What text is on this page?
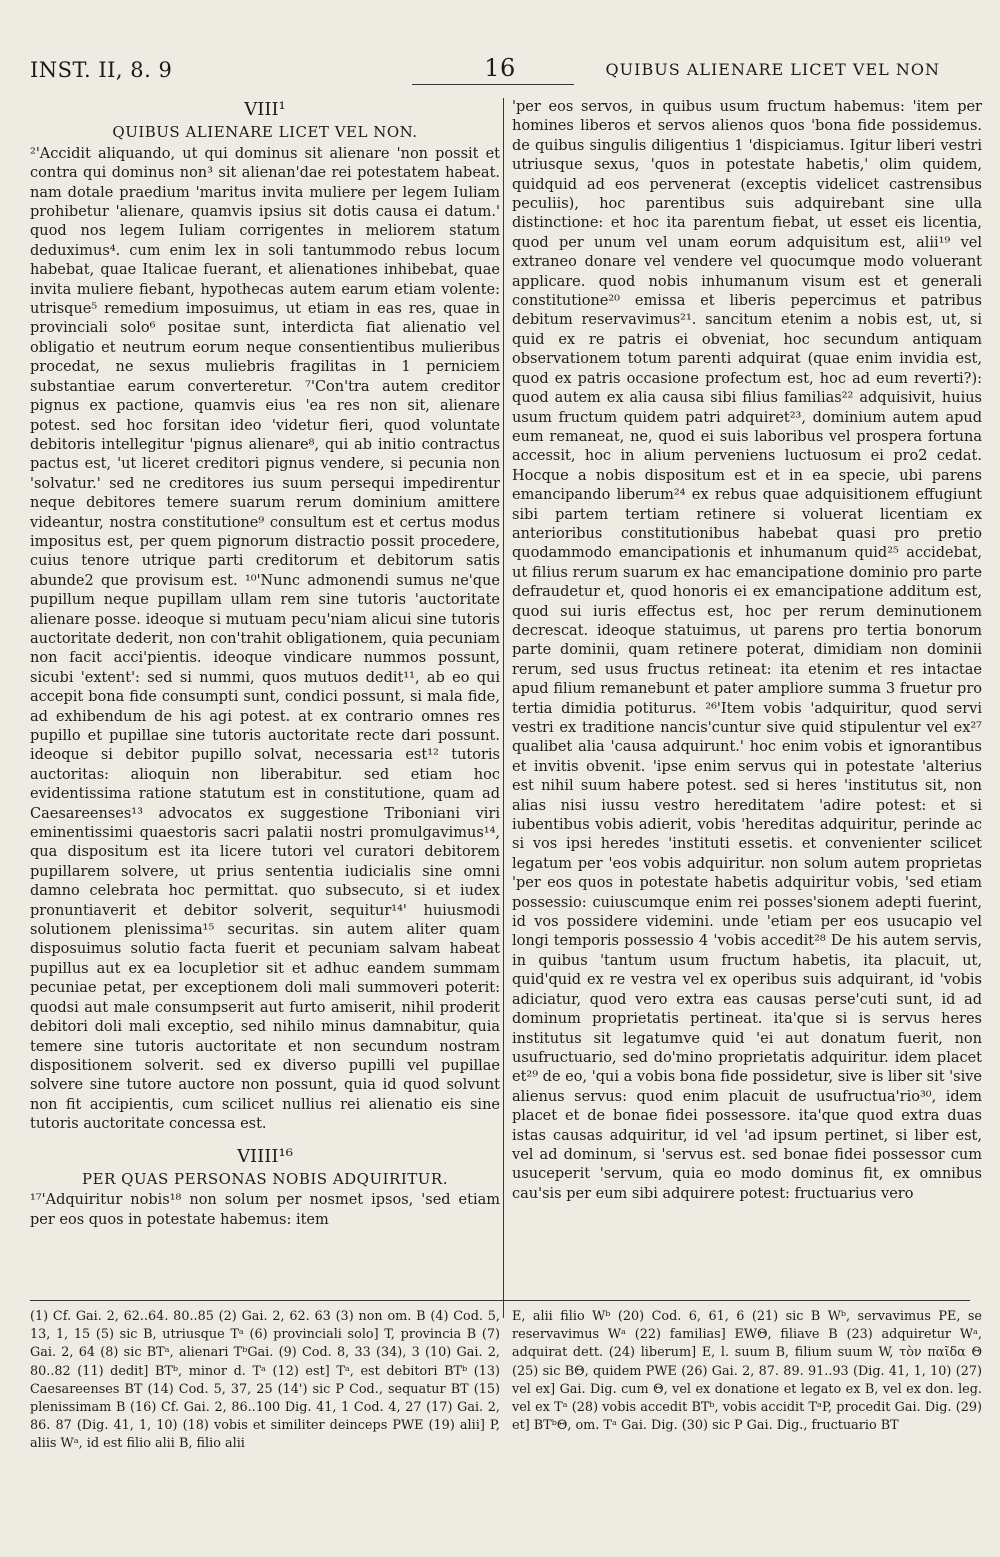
INST. II, 8. 9	16	QUIBUS ALIENARE LICET VEL NON
VIII¹
QUIBUS ALIENARE LICET VEL NON.

²'Accidit aliquando, ut qui dominus sit alienare 'non possit et contra qui dominus non³ sit alienan'dae rei potestatem habeat. nam dotale praedium 'maritus invita muliere per legem Iuliam prohibetur 'alienare, quamvis ipsius sit dotis causa ei datum.' quod nos legem Iuliam corrigentes in meliorem statum deduximus⁴. cum enim lex in soli tantummodo rebus locum habebat, quae Italicae fuerant, et alienationes inhibebat, quae invita muliere fiebant, hypothecas autem earum etiam volente: utrisque⁵ remedium imposuimus, ut etiam in eas res, quae in provinciali solo⁶ positae sunt, interdicta fiat alienatio vel obligatio et neutrum eorum neque consentientibus mulieribus procedat, ne sexus muliebris fragilitas in 1 perniciem substantiae earum converteretur. ⁷'Con'tra autem creditor pignus ex pactione, quamvis eius 'ea res non sit, alienare potest. sed hoc forsitan ideo 'videtur fieri, quod voluntate debitoris intellegitur 'pignus alienare⁸, qui ab initio contractus pactus est, 'ut liceret creditori pignus vendere, si pecunia non 'solvatur.' sed ne creditores ius suum persequi impedirentur neque debitores temere suarum rerum dominium amittere videantur, nostra constitutione⁹ consultum est et certus modus impositus est, per quem pignorum distractio possit procedere, cuius tenore utrique parti creditorum et debitorum satis abunde2 que provisum est. ¹⁰'Nunc admonendi sumus ne'que pupillum neque pupillam ullam rem sine tutoris 'auctoritate alienare posse. ideoque si mutuam pecu'niam alicui sine tutoris auctoritate dederit, non con'trahit obligationem, quia pecuniam non facit acci'pientis. ideoque vindicare nummos possunt, sicubi 'extent': sed si nummi, quos mutuos dedit¹¹, ab eo qui accepit bona fide consumpti sunt, condici possunt, si mala fide, ad exhibendum de his agi potest. at ex contrario omnes res pupillo et pupillae sine tutoris auctoritate recte dari possunt. ideoque si debitor pupillo solvat, necessaria est¹² tutoris auctoritas: alioquin non liberabitur. sed etiam hoc evidentissima ratione statutum est in constitutione, quam ad Caesareenses¹³ advocatos ex suggestione Triboniani viri eminentissimi quaestoris sacri palatii nostri promulgavimus¹⁴, qua dispositum est ita licere tutori vel curatori debitorem pupillarem solvere, ut prius sententia iudicialis sine omni damno celebrata hoc permittat. quo subsecuto, si et iudex pronuntiaverit et debitor solverit, sequitur¹⁴' huiusmodi solutionem plenissima¹⁵ securitas. sin autem aliter quam disposuimus solutio facta fuerit et pecuniam salvam habeat pupillus aut ex ea locupletior sit et adhuc eandem summam pecuniae petat, per exceptionem doli mali summoveri poterit: quodsi aut male consumpserit aut furto amiserit, nihil proderit debitori doli mali exceptio, sed nihilo minus damnabitur, quia temere sine tutoris auctoritate et non secundum nostram dispositionem solverit. sed ex diverso pupilli vel pupillae solvere sine tutore auctore non possunt, quia id quod solvunt non fit accipientis, cum scilicet nullius rei alienatio eis sine tutoris auctoritate concessa est.

VIIII¹⁶
PER QUAS PERSONAS NOBIS ADQUIRITUR.

¹⁷'Adquiritur nobis¹⁸ non solum per nosmet ipsos, 'sed etiam per eos quos in potestate habemus: item

'per eos servos, in quibus usum fructum habemus: 'item per homines liberos et servos alienos quos 'bona fide possidemus. de quibus singulis diligentius 1 'dispiciamus. Igitur liberi vestri utriusque sexus, 'quos in potestate habetis,' olim quidem, quidquid ad eos pervenerat (exceptis videlicet castrensibus peculiis), hoc parentibus suis adquirebant sine ulla distinctione: et hoc ita parentum fiebat, ut esset eis licentia, quod per unum vel unam eorum adquisitum est, alii¹⁹ vel extraneo donare vel vendere vel quocumque modo voluerant applicare. quod nobis inhumanum visum est et generali constitutione²⁰ emissa et liberis pepercimus et patribus debitum reservavimus²¹. sancitum etenim a nobis est, ut, si quid ex re patris ei obveniat, hoc secundum antiquam observationem totum parenti adquirat (quae enim invidia est, quod ex patris occasione profectum est, hoc ad eum reverti?): quod autem ex alia causa sibi filius familias²² adquisivit, huius usum fructum quidem patri adquiret²³, dominium autem apud eum remaneat, ne, quod ei suis laboribus vel prospera fortuna accessit, hoc in alium perveniens luctuosum ei pro2 cedat. Hocque a nobis dispositum est et in ea specie, ubi parens emancipando liberum²⁴ ex rebus quae adquisitionem effugiunt sibi partem tertiam retinere si voluerat licentiam ex anterioribus constitutionibus habebat quasi pro pretio quodammodo emancipationis et inhumanum quid²⁵ accidebat, ut filius rerum suarum ex hac emancipatione dominio pro parte defraudetur et, quod honoris ei ex emancipatione additum est, quod sui iuris effectus est, hoc per rerum deminutionem decrescat. ideoque statuimus, ut parens pro tertia bonorum parte dominii, quam retinere poterat, dimidiam non dominii rerum, sed usus fructus retineat: ita etenim et res intactae apud filium remanebunt et pater ampliore summa 3 fruetur pro tertia dimidia potiturus. ²⁶'Item vobis 'adquiritur, quod servi vestri ex traditione nancis'cuntur sive quid stipulentur vel ex²⁷ qualibet alia 'causa adquirunt.' hoc enim vobis et ignorantibus et invitis obvenit. 'ipse enim servus qui in potestate 'alterius est nihil suum habere potest. sed si heres 'institutus sit, non alias nisi iussu vestro hereditatem 'adire potest: et si iubentibus vobis adierit, vobis 'hereditas adquiritur, perinde ac si vos ipsi heredes 'instituti essetis. et convenienter scilicet legatum per 'eos vobis adquiritur. non solum autem proprietas 'per eos quos in potestate habetis adquiritur vobis, 'sed etiam possessio: cuiuscumque enim rei posses'sionem adepti fuerint, id vos possidere videmini. unde 'etiam per eos usucapio vel longi temporis possessio 4 'vobis accedit²⁸ De his autem servis, in quibus 'tantum usum fructum habetis, ita placuit, ut, quid'quid ex re vestra vel ex operibus suis adquirant, id 'vobis adiciatur, quod vero extra eas causas perse'cuti sunt, id ad dominum proprietatis pertineat. ita'que si is servus heres institutus sit legatumve quid 'ei aut donatum fuerit, non usufructuario, sed do'mino proprietatis adquiritur. idem placet et²⁹ de eo, 'qui a vobis bona fide possidetur, sive is liber sit 'sive alienus servus: quod enim placuit de usufructua'rio³⁰, idem placet et de bonae fidei possessore. ita'que quod extra duas istas causas adquiritur, id vel 'ad ipsum pertinet, si liber est, vel ad dominum, si 'servus est. sed bonae fidei possessor cum usuceperit 'servum, quia eo modo dominus fit, ex omnibus cau'sis per eum sibi adquirere potest: fructuarius vero

(1) Cf. Gai. 2, 62..64. 80..85 (2) Gai. 2, 62. 63 (3) non om. B (4) Cod. 5, 13, 1, 15 (5) sic B, utriusque Tᵃ (6) provinciali solo] T, provincia B (7) Gai. 2, 64 (8) sic BTᵃ, alienari TᵇGai. (9) Cod. 8, 33 (34), 3 (10) Gai. 2, 80..82 (11) dedit] BTᵇ, minor d. Tᵃ (12) est] Tᵃ, est debitori BTᵇ (13) Caesareenses BT (14) Cod. 5, 37, 25 (14') sic P Cod., sequatur BT (15) plenissimam B (16) Cf. Gai. 2, 86..100 Dig. 41, 1 Cod. 4, 27 (17) Gai. 2, 86. 87 (Dig. 41, 1, 10) (18) vobis et similiter deinceps PWE (19) alii] P, aliis Wᵃ, id est filio alii B, filio alii
E, alii filio Wᵇ (20) Cod. 6, 61, 6 (21) sic B Wᵇ, servavimus PE, se reservavimus Wᵃ (22) familias] EWΘ, filiave B (23) adquiretur Wᵃ, adquirat dett. (24) liberum] E, l. suum B, filium suum W, τὸν παῖδα Θ (25) sic BΘ, quidem PWE (26) Gai. 2, 87. 89. 91..93 (Dig. 41, 1, 10) (27) vel ex] Gai. Dig. cum Θ, vel ex donatione et legato ex B, vel ex don. leg. vel ex Tᵃ (28) vobis accedit BTᵇ, vobis accidit TᵃP, procedit Gai. Dig. (29) et] BTᵇΘ, om. Tᵃ Gai. Dig. (30) sic P Gai. Dig., fructuario BT
